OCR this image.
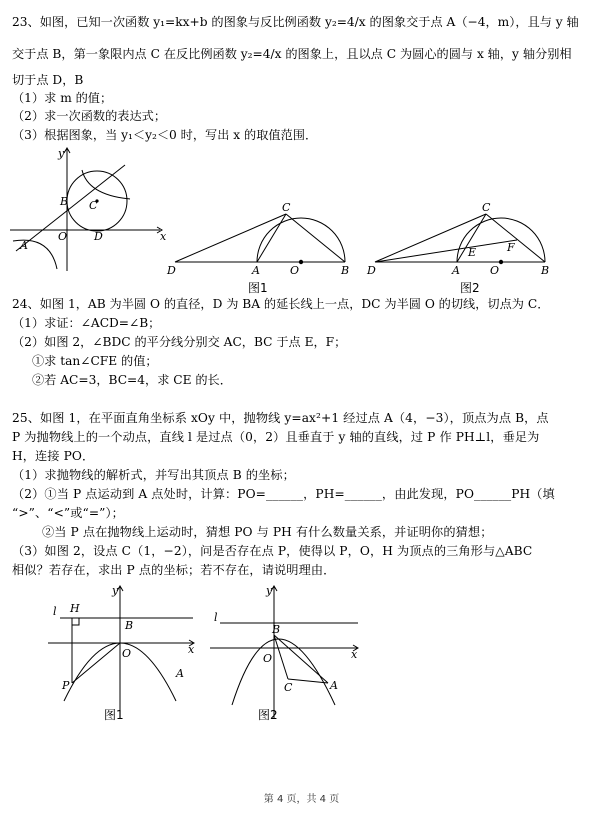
23、如图，已知一次函数 y₁=kx+b 的图象与反比例函数 y₂=4/x 的图象交于点 A（−4，m），且与 y 轴
交于点 B，第一象限内点 C 在反比例函数 y₂=4/x 的图象上，且以点 C 为圆心的圆与 x 轴，y 轴分别相
切于点 D，B
（1）求 m 的值；
（2）求一次函数的表达式；
（3）根据图象，当 y₁＜y₂＜0 时，写出 x 的取值范围．
y
x
B C
A
O D
C
D	A	O	B
图1
C
E	F
D	A	O	B
图2
24、如图 1，AB 为半圆 O 的直径，D 为 BA 的延长线上一点，DC 为半圆 O 的切线，切点为 C．
（1）求证：∠ACD=∠B；
（2）如图 2，∠BDC 的平分线分别交 AC，BC 于点 E，F；
①求 tan∠CFE 的值；
②若 AC=3，BC=4，求 CE 的长．
25、如图 1，在平面直角坐标系 xOy 中，抛物线 y=ax²+1 经过点 A（4，−3），顶点为点 B，点
P 为抛物线上的一个动点，直线 l 是过点（0，2）且垂直于 y 轴的直线，过 P 作 PH⊥l，垂足为
H，连接 PO．
（1）求抛物线的解析式，并写出其顶点 B 的坐标；
（2）①当 P 点运动到 A 点处时，计算：PO=______，PH=______，由此发现，PO______PH（填
“>”、“<”或“=”）；
②当 P 点在抛物线上运动时，猜想 PO 与 PH 有什么数量关系，并证明你的猜想；
（3）如图 2，设点 C（1，−2），问是否存在点 P，使得以 P，O，H 为顶点的三角形与△ABC
相似？若存在，求出 P 点的坐标；若不存在，请说明理由．
l H
y
B
O	x
P
A
图1
l
y
B
O	x
C	A
图2
第 4 页，共 4 页
